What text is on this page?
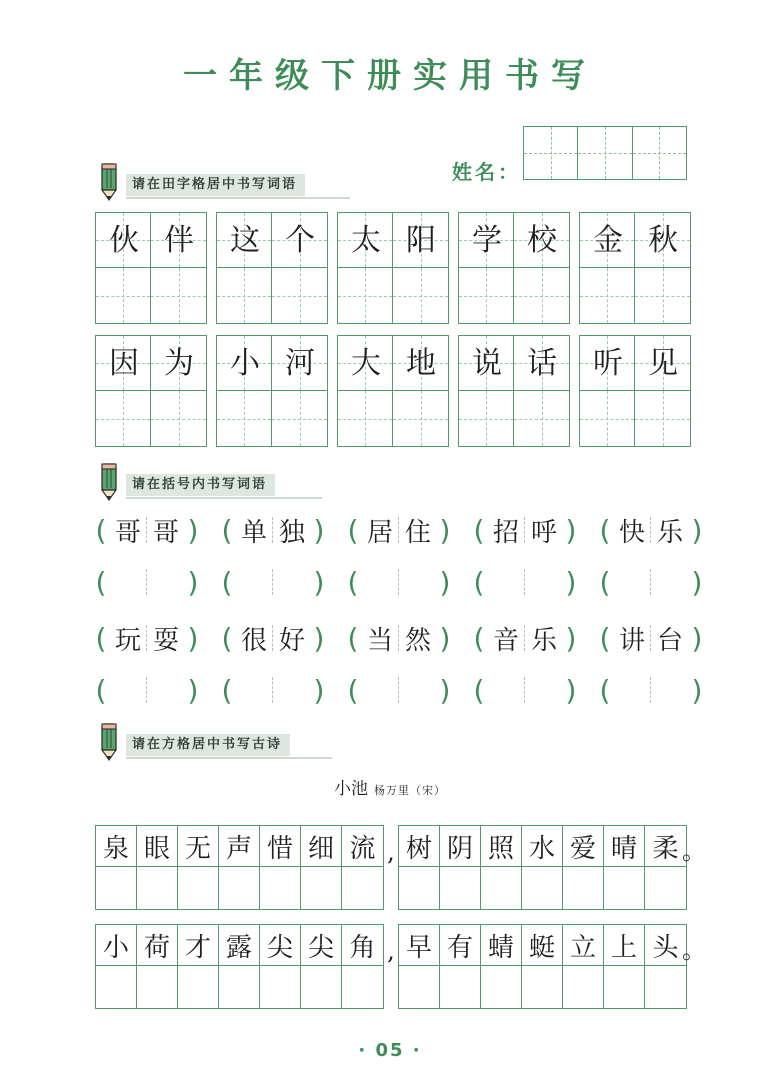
一年级下册实用书写
姓名：
请在田字格居中书写词语
伙 伴	这 个	太 阳	学 校	金 秋
因 为	小 河	大 地	说 话	听 见
请在括号内书写词语
( 哥 哥 ) ( 单 独 ) ( 居 住 ) ( 招 呼 ) ( 快 乐 )
(	) (	) (	) (	) (	)
( 玩 耍 ) ( 很 好 ) ( 当 然 ) ( 音 乐 ) ( 讲 台 )
(	) (	) (	) (	) (	)
请在方格居中书写古诗
小池 杨万里（宋）
泉 眼 无 声 惜 细 流 , 树 阴 照 水 爱 晴 柔 。
小 荷 才 露 尖 尖 角 , 早 有 蜻 蜓 立 上 头 。
· 05 ·
